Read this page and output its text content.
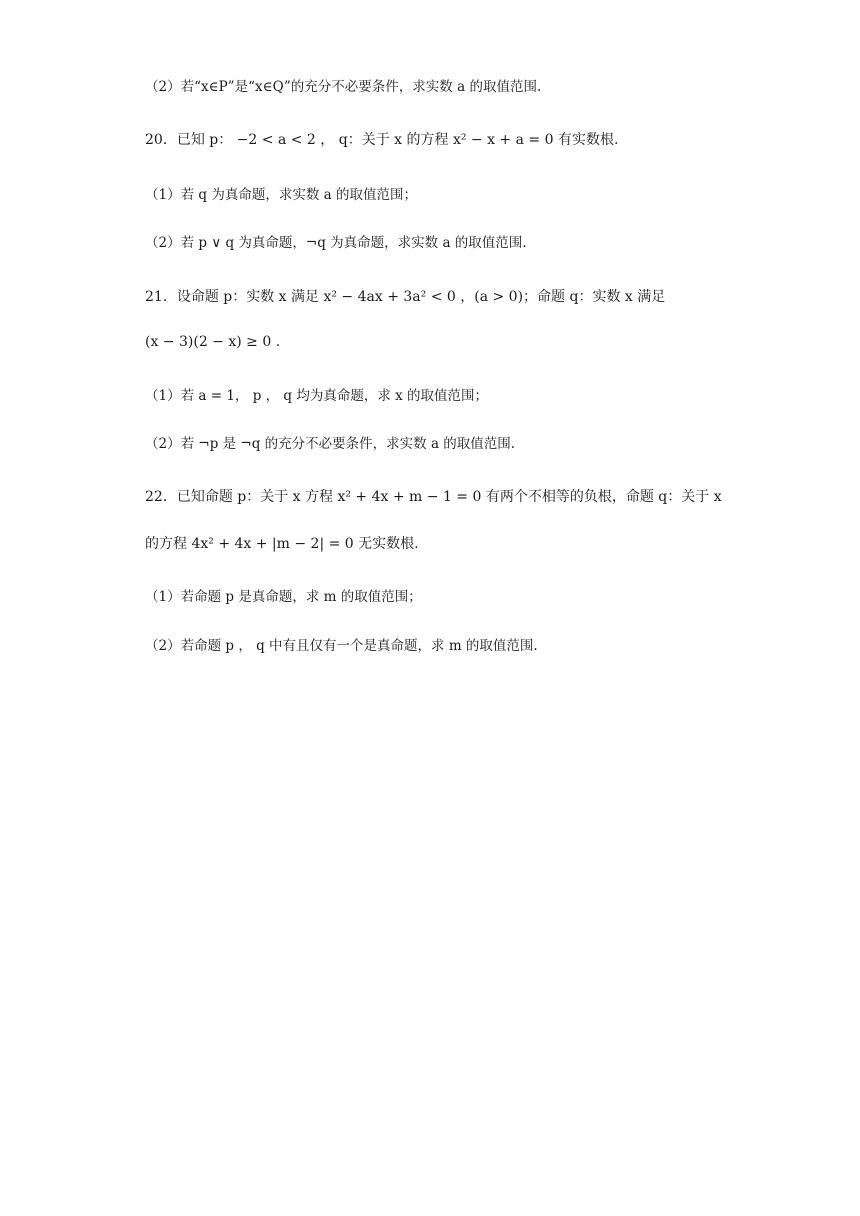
（2）若“x∈P”是“x∈Q”的充分不必要条件，求实数 a 的取值范围.
20．已知 p： −2 < a < 2 ， q：关于 x 的方程 x² − x + a = 0 有实数根.
（1）若 q 为真命题，求实数 a 的取值范围；
（2）若 p ∨ q 为真命题，¬q 为真命题，求实数 a 的取值范围.
21．设命题 p：实数 x 满足 x² − 4ax + 3a² < 0 ，(a > 0)；命题 q：实数 x 满足
(x − 3)(2 − x) ≥ 0 .
（1）若 a = 1， p ， q 均为真命题，求 x 的取值范围；
（2）若 ¬p 是 ¬q 的充分不必要条件，求实数 a 的取值范围.
22．已知命题 p：关于 x 方程 x² + 4x + m − 1 = 0 有两个不相等的负根，命题 q：关于 x
的方程 4x² + 4x + |m − 2| = 0 无实数根.
（1）若命题 p 是真命题，求 m 的取值范围；
（2）若命题 p ， q 中有且仅有一个是真命题，求 m 的取值范围.
